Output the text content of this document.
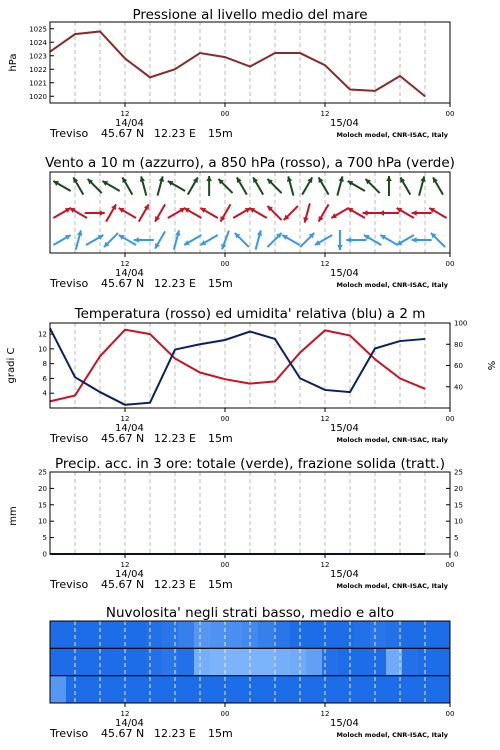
Pressione al livello medio del mare
hPa
1020
1021
1022
1023
1024
1025
12	00	12	00
14/04	15/04
Treviso 45.67 N 12.23 E 15m	Moloch model, CNR-ISAC, Italy
Vento a 10 m (azzurro), a 850 hPa (rosso), a 700 hPa (verde)
12	00	12	00
14/04	15/04
Treviso 45.67 N 12.23 E 15m	Moloch model, CNR-ISAC, Italy
Temperatura (rosso) ed umidita' relativa (blu) a 2 m
gradi C	%
4
6
8
10
12
40
60
80
100
12	00	12	00
14/04	15/04
Treviso 45.67 N 12.23 E 15m	Moloch model, CNR-ISAC, Italy
Precip. acc. in 3 ore: totale (verde), frazione solida (tratt.)
mm
0
5
10
15
20
25
0
5
10
15
20
25
12	00	12	00
14/04	15/04
Treviso 45.67 N 12.23 E 15m	Moloch model, CNR-ISAC, Italy
Nuvolosita' negli strati basso, medio e alto
12	00	12	00
14/04	15/04
Treviso 45.67 N 12.23 E 15m	Moloch model, CNR-ISAC, Italy
